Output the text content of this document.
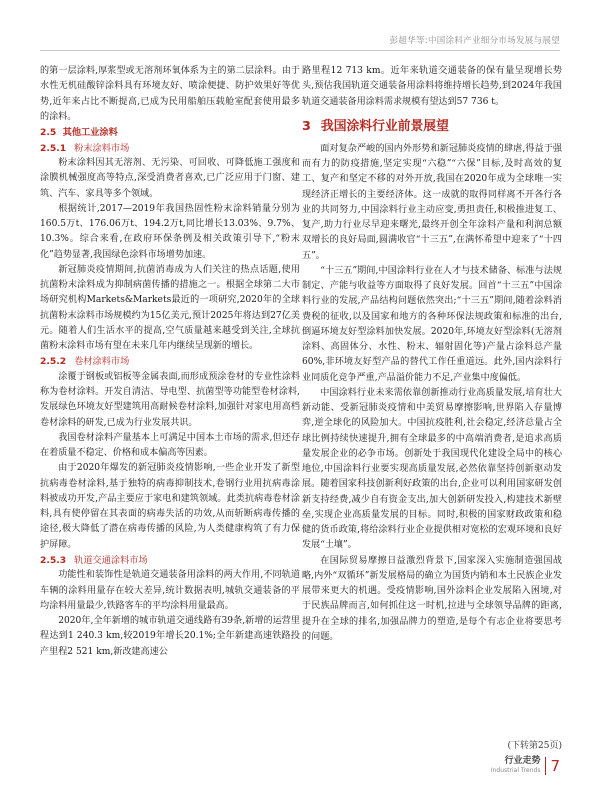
彭超华等:中国涂料产业细分市场发展与展望

的第一层涂料,厚浆型或无溶剂环氧体系为主的第二层涂料。由于水性无机硅酸锌涂料具有环境友好、喷涂便捷、防护效果好等优势,近年来占比不断提高,已成为民用船舶压载舱室配套使用最多的涂料。

2.5 其他工业涂料
2.5.1 粉末涂料市场

粉末涂料因其无溶剂、无污染、可回收、可降低施工强度和涂膜机械强度高等特点,深受消费者喜欢,已广泛应用于门窗、建筑、汽车、家具等多个领域。

根据统计,2017—2019年我国热固性粉末涂料销量分别为160.5万t、176.06万t、194.2万t,同比增长13.03%、9.7%、10.3%。综合来看,在政府环保条例及相关政策引导下,“粉末化”趋势显著,我国绿色涂料市场增势加速。

新冠肺炎疫情期间,抗菌消毒成为人们关注的热点话题,使用抗菌粉末涂料成为抑制病菌传播的措施之一。根据全球第二大市场研究机构Markets&Markets最近的一项研究,2020年的全球抗菌粉末涂料市场规模约为15亿美元,预计2025年将达到27亿美元。随着人们生活水平的提高,空气质量越来越受到关注,全球抗菌粉末涂料市场有望在未来几年内继续呈现新的增长。

2.5.2 卷材涂料市场

涂覆于钢板或铝板等金属表面,而形成预涂卷材的专业性涂料称为卷材涂料。开发自清洁、导电型、抗菌型等功能型卷材涂料,发展绿色环境友好型建筑用高耐候卷材涂料,加强针对家电用高档卷材涂料的研发,已成为行业发展共识。

我国卷材涂料产量基本上可满足中国本土市场的需求,但还存在着质量不稳定、价格和成本偏高等因素。

由于2020年爆发的新冠肺炎疫情影响,一些企业开发了新型抗病毒卷材涂料,基于独特的病毒抑制技术,卷钢行业用抗病毒涂料被成功开发,产品主要应于家电和建筑领域。此类抗病毒卷材涂料,具有使停留在其表面的病毒失活的功效,从而斩断病毒传播的途径,极大降低了潜在病毒传播的风险,为人类健康构筑了有力保护屏障。

2.5.3 轨道交通涂料市场

功能性和装饰性是轨道交通装备用涂料的两大作用,不同轨道车辆的涂料用量存在较大差异,统计数据表明,城轨交通装备的平均涂料用量最少,铁路客车的平均涂料用量最高。

2020年,全年新增的城市轨道交通线路有39条,新增的运营里程达到1 240.3 km,较2019年增长20.1%;全年新建高速铁路投产里程2 521 km,新改建高速公

路里程12 713 km。近年来轨道交通装备的保有量呈现增长势头,预估我国轨道交通装备用涂料将维持增长趋势,到2024年我国轨道交通装备用涂料需求规模有望达到57 736 t。

3 我国涂料行业前景展望

面对复杂严峻的国内外形势和新冠肺炎疫情的肆虐,得益于强而有力的防疫措施,坚定实现“六稳”“六保”目标,及时高效的复工、复产和坚定不移的对外开放,我国在2020年成为全球唯一实现经济正增长的主要经济体。这一成就的取得同样离不开各行各业的共同努力,中国涂料行业主动应变,勇担责任,积极推进复工、复产,助力行业尽早迎来曙光,最终开创全年涂料产量和利润总额双增长的良好局面,圆满收官“十三五”,在满怀希望中迎来了“十四五”。

“十三五”期间,中国涂料行业在人才与技术储备、标准与法规制定、产能与收益等方面取得了良好发展。回首“十三五”中国涂料行业的发展,产品结构问题依然突出;“十三五”期间,随着涂料消费税的征收,以及国家和地方的各种环保法规政策和标准的出台,倒逼环境友好型涂料加快发展。2020年,环境友好型涂料(无溶剂涂料、高固体分、水性、粉末、辐射固化等)产量占涂料总产量60%,非环境友好型产品的替代工作任重道远。此外,国内涂料行业同质化竞争严重,产品溢价能力不足,产业集中度偏低。

中国涂料行业未来需依靠创新推动行业高质量发展,培育壮大新动能、受新冠肺炎疫情和中美贸易摩擦影响,世界陷入存量博弈,逆全球化的风险加大。中国抗疫胜利,社会稳定,经济总量占全球比例持续快速提升,拥有全球最多的中高端消费者,是追求高质量发展企业的必争市场。创新处于我国现代化建设全局中的核心地位,中国涂料行业要实现高质量发展,必然依靠坚持创新驱动发展。随着国家科技创新利好政策的出台,企业可以利用国家研发创新支持经费,减少自有资金支出,加大创新研发投入,构建技术新壁垒,实现企业高质量发展的目标。同时,积极的国家财政政策和稳健的货币政策,将给涂料行业企业提供相对宽松的宏观环境和良好发展“土壤”。

在国际贸易摩擦日益激烈背景下,国家深入实施制造强国战略,内外“双循环”新发展格局的确立为国货内销和本土民族企业发展带来更大的机遇。受疫情影响,国外涂料企业发展陷入困境,对于民族品牌而言,如何抓住这一时机,拉进与全球领导品牌的距离,提升在全球的排名,加强品牌力的塑造,是每个有志企业将要思考的问题。

(下转第25页)
行业走势
Industrial Trends 7
